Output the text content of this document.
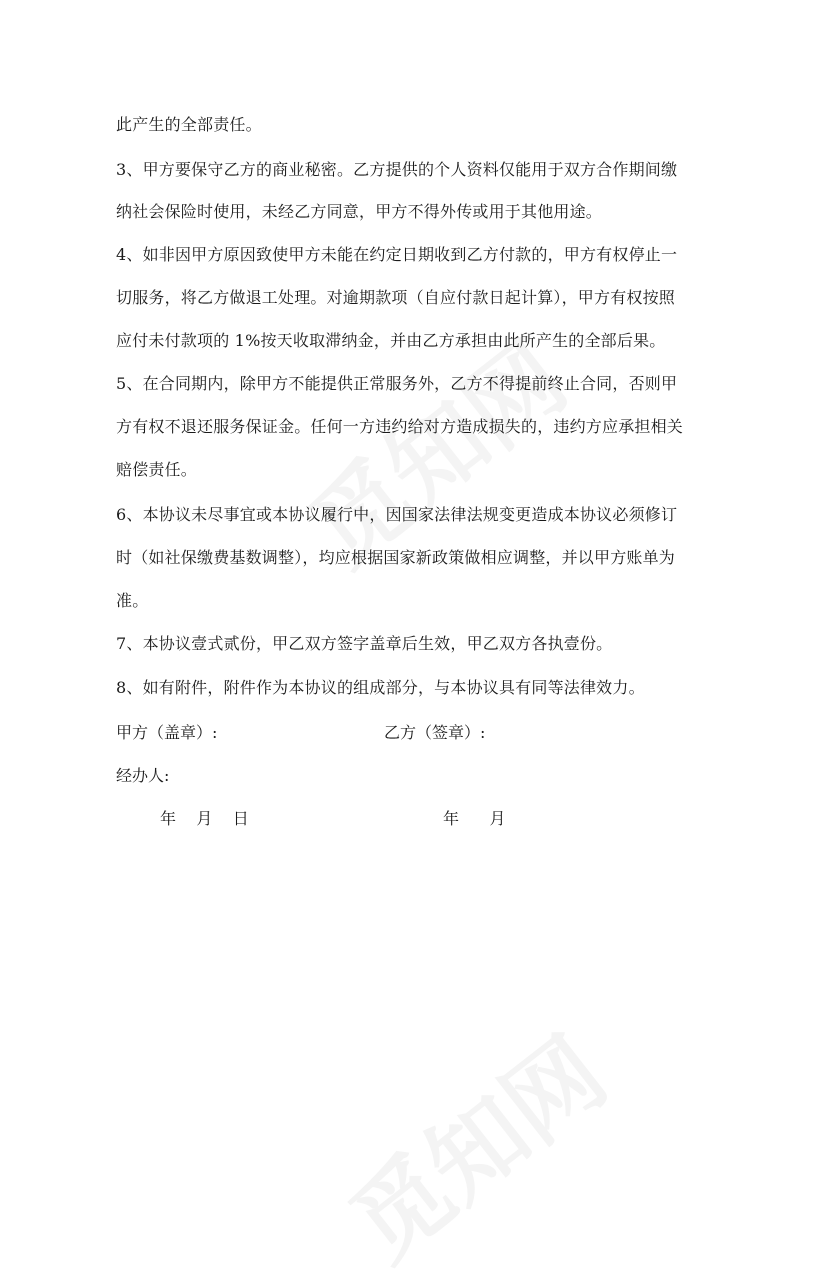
此产生的全部责任。
3、甲方要保守乙方的商业秘密。乙方提供的个人资料仅能用于双方合作期间缴
纳社会保险时使用，未经乙方同意，甲方不得外传或用于其他用途。
4、如非因甲方原因致使甲方未能在约定日期收到乙方付款的，甲方有权停止一
切服务，将乙方做退工处理。对逾期款项（自应付款日起计算），甲方有权按照
应付未付款项的 1%按天收取滞纳金，并由乙方承担由此所产生的全部后果。
5、在合同期内，除甲方不能提供正常服务外，乙方不得提前终止合同，否则甲
方有权不退还服务保证金。任何一方违约给对方造成损失的，违约方应承担相关
赔偿责任。
6、本协议未尽事宜或本协议履行中，因国家法律法规变更造成本协议必须修订
时（如社保缴费基数调整），均应根据国家新政策做相应调整，并以甲方账单为
准。
7、本协议壹式贰份，甲乙双方签字盖章后生效，甲乙双方各执壹份。
8、如有附件，附件作为本协议的组成部分，与本协议具有同等法律效力。
甲方（盖章）:	乙方（签章）:
经办人:
年    月    日	年      月
